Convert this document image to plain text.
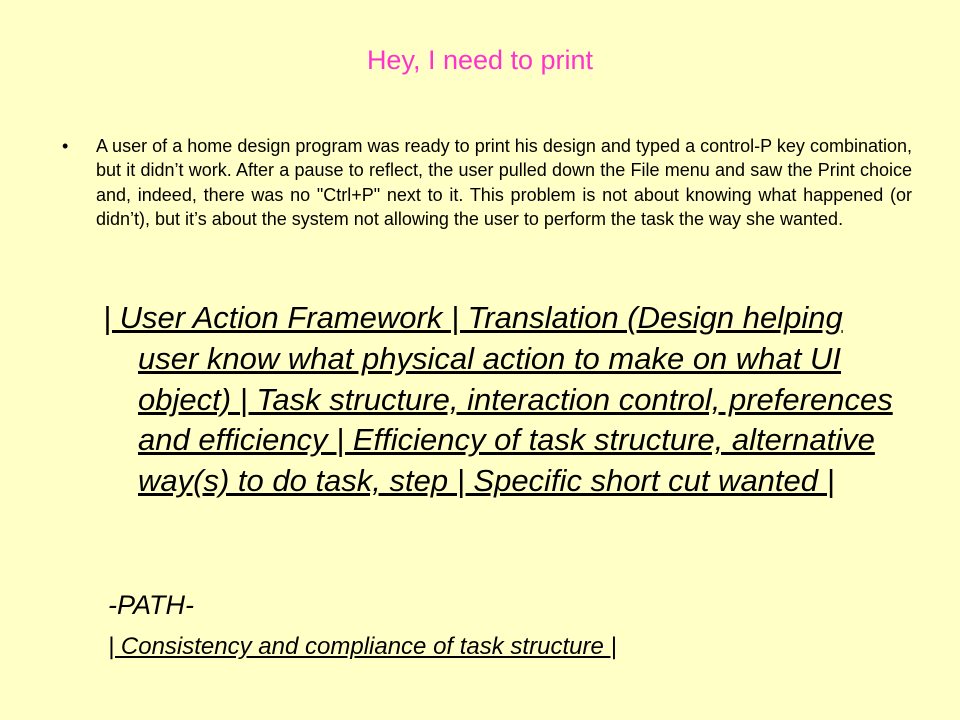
Hey, I need to print
• A user of a home design program was ready to print his design and typed a control-P key combination, but it didn’t work. After a pause to reflect, the user pulled down the File menu and saw the Print choice and, indeed, there was no "Ctrl+P" next to it. This problem is not about knowing what happened (or didn’t), but it’s about the system not allowing the user to perform the task the way she wanted.
| User Action Framework | Translation (Design helping user know what physical action to make on what UI object) | Task structure, interaction control, preferences and efficiency | Efficiency of task structure, alternative way(s) to do task, step | Specific short cut wanted |
-PATH-
| Consistency and compliance of task structure |
